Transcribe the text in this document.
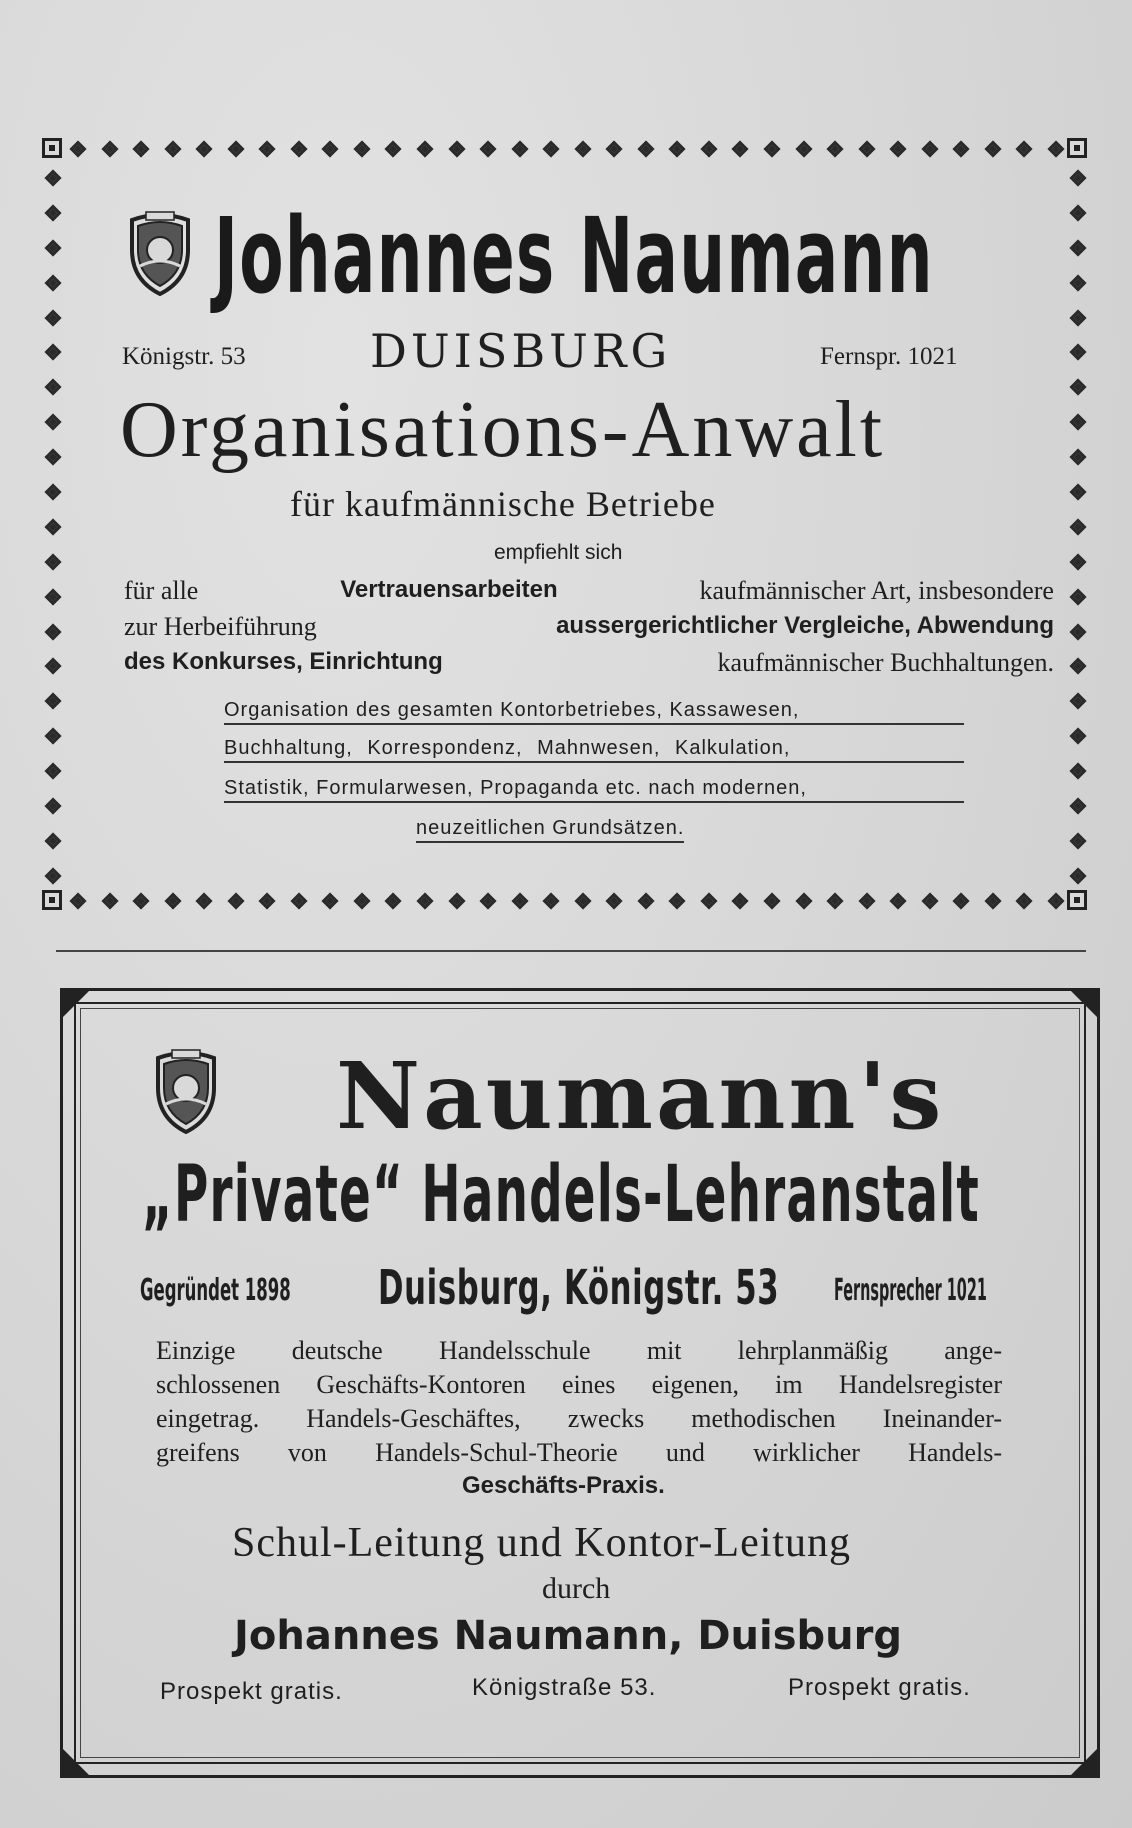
Johannes Naumann
Königstr. 53	DUISBURG	Fernspr. 1021
Organisations-Anwalt
für kaufmännische Betriebe
empfiehlt sich
für alle	Vertrauensarbeiten	kaufmännischer Art, insbesondere
zur Herbeiführung	aussergerichtlicher Vergleiche, Abwendung
des Konkurses, Einrichtung	kaufmännischer Buchhaltungen.
Organisation des gesamten Kontorbetriebes, Kassawesen,
Buchhaltung, Korrespondenz, Mahnwesen, Kalkulation,
Statistik, Formularwesen, Propaganda etc. nach modernen,
neuzeitlichen Grundsätzen.
Naumann's
„Private“ Handels-Lehranstalt
Gegründet 1898 Duisburg, Königstr. 53 Fernsprecher 1021
Einzige deutsche Handelsschule mit lehrplanmäßig ange-
schlossenen Geschäfts-Kontoren eines eigenen, im Handelsregister
eingetrag. Handels-Geschäftes, zwecks methodischen Ineinander-
greifens von Handels-Schul-Theorie und wirklicher Handels-
Geschäfts-Praxis.
Schul-Leitung und Kontor-Leitung
durch
Johannes Naumann, Duisburg
Prospekt gratis.	Königstraße 53.	Prospekt gratis.
